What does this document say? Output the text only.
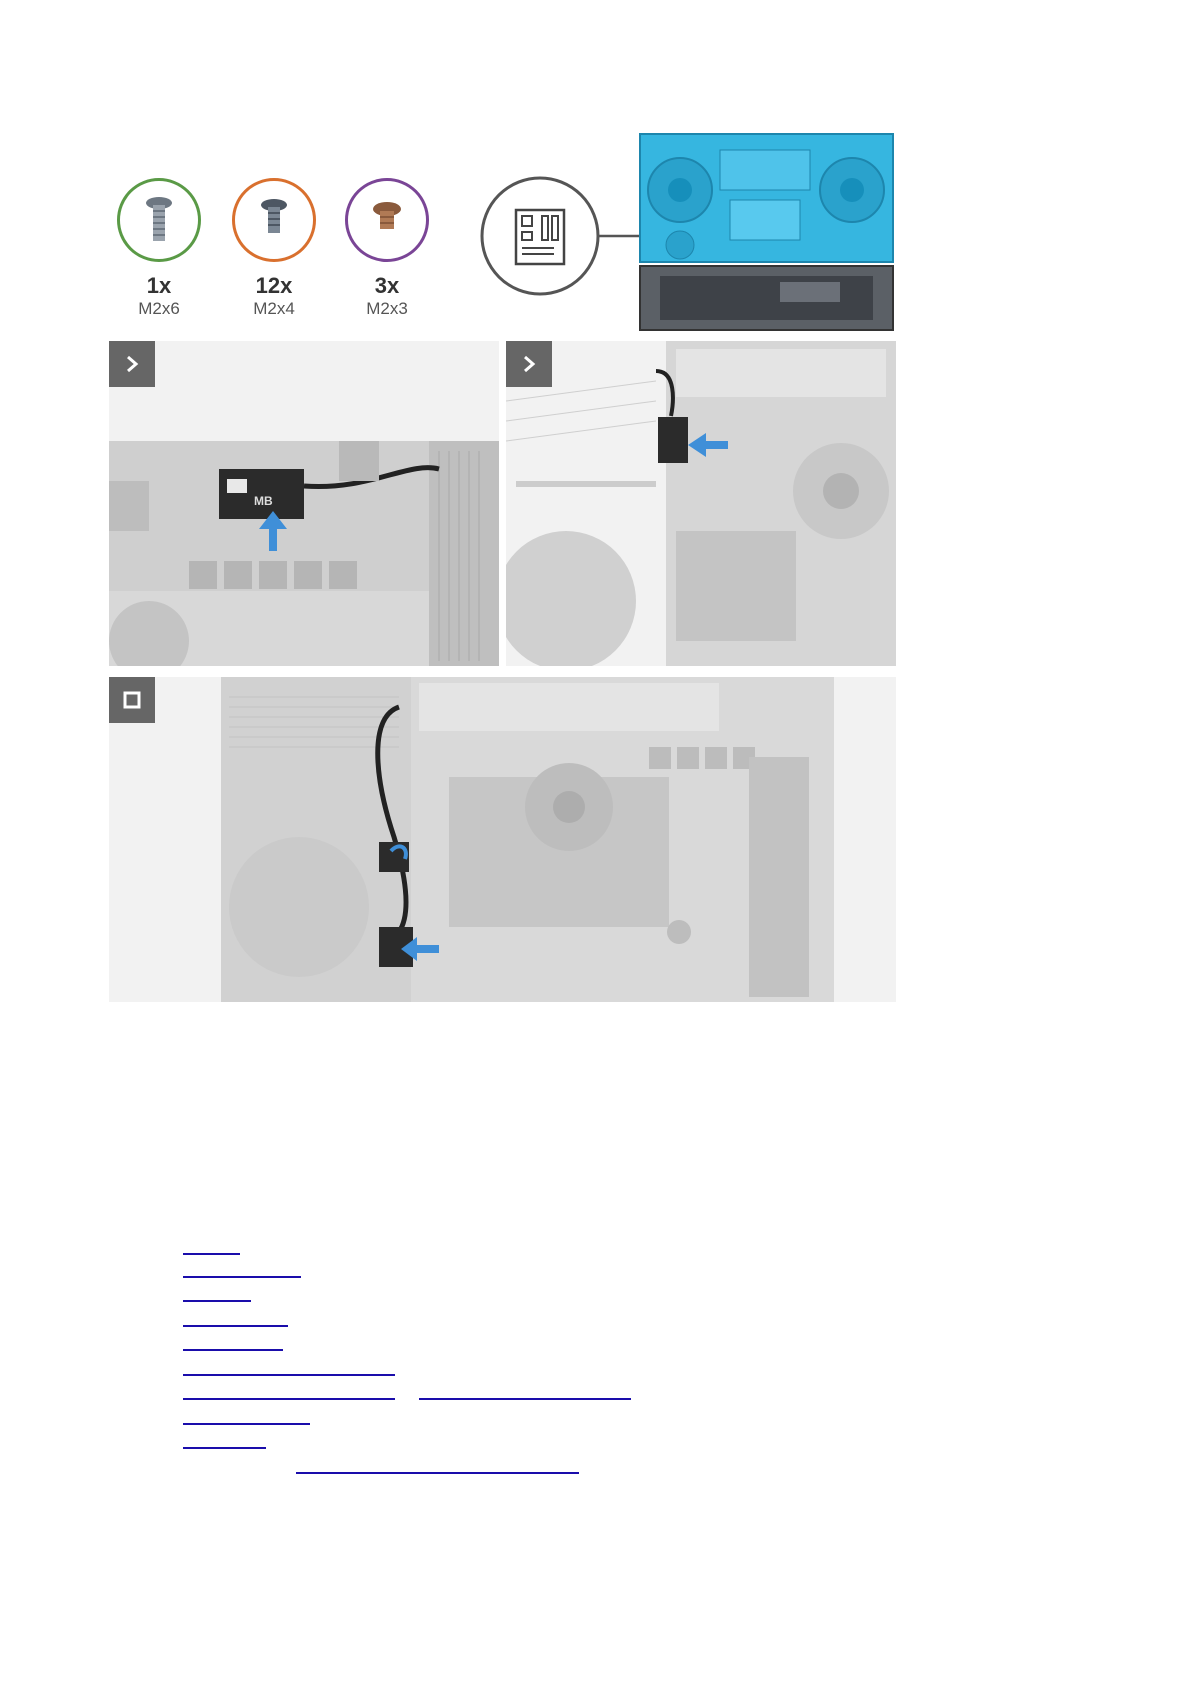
1x
M2x6
12x
M2x4
3x
M2x3
MB
